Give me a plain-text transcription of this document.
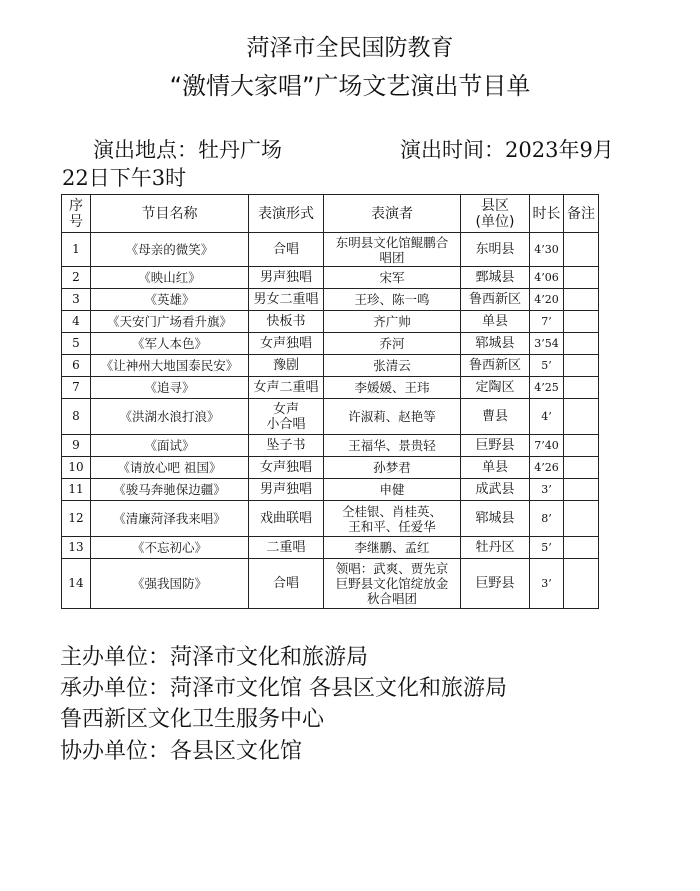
菏泽市全民国防教育
“激情大家唱”广场文艺演出节目单

演出地点：牡丹广场	演出时间：2023年9月

22日下午3时

序
号	节目名称	表演形式	表演者	县区
(单位)	时长	备注
1	《母亲的微笑》	合唱	东明县文化馆鲲鹏合
唱团	东明县	4’30	
2	《映山红》	男声独唱	宋军	鄄城县	4’06	
3	《英雄》	男女二重唱	王珍、陈一鸣	鲁西新区	4’20	
4	《天安门广场看升旗》	快板书	齐广帅	单县	7’	
5	《军人本色》	女声独唱	乔河	郓城县	3’54	
6	《让神州大地国泰民安》	豫剧	张清云	鲁西新区	5’	
7	《追寻》	女声二重唱	李媛媛、王玮	定陶区	4’25	
8	《洪湖水浪打浪》	女声
小合唱	许淑莉、赵艳等	曹县	4’	
9	《面试》	坠子书	王福华、景贵轻	巨野县	7’40	
10	《请放心吧 祖国》	女声独唱	孙梦君	单县	4’26	
11	《骏马奔驰保边疆》	男声独唱	申健	成武县	3’	
12	《清廉菏泽我来唱》	戏曲联唱	仝桂银、肖桂英、
王和平、任爱华	郓城县	8’	
13	《不忘初心》	二重唱	李继鹏、孟红	牡丹区	5’	
14	《强我国防》	合唱	领唱：武爽、贾先京
巨野县文化馆绽放金
秋合唱团	巨野县	3’	

主办单位：菏泽市文化和旅游局

承办单位：菏泽市文化馆 各县区文化和旅游局

鲁西新区文化卫生服务中心

协办单位：各县区文化馆
